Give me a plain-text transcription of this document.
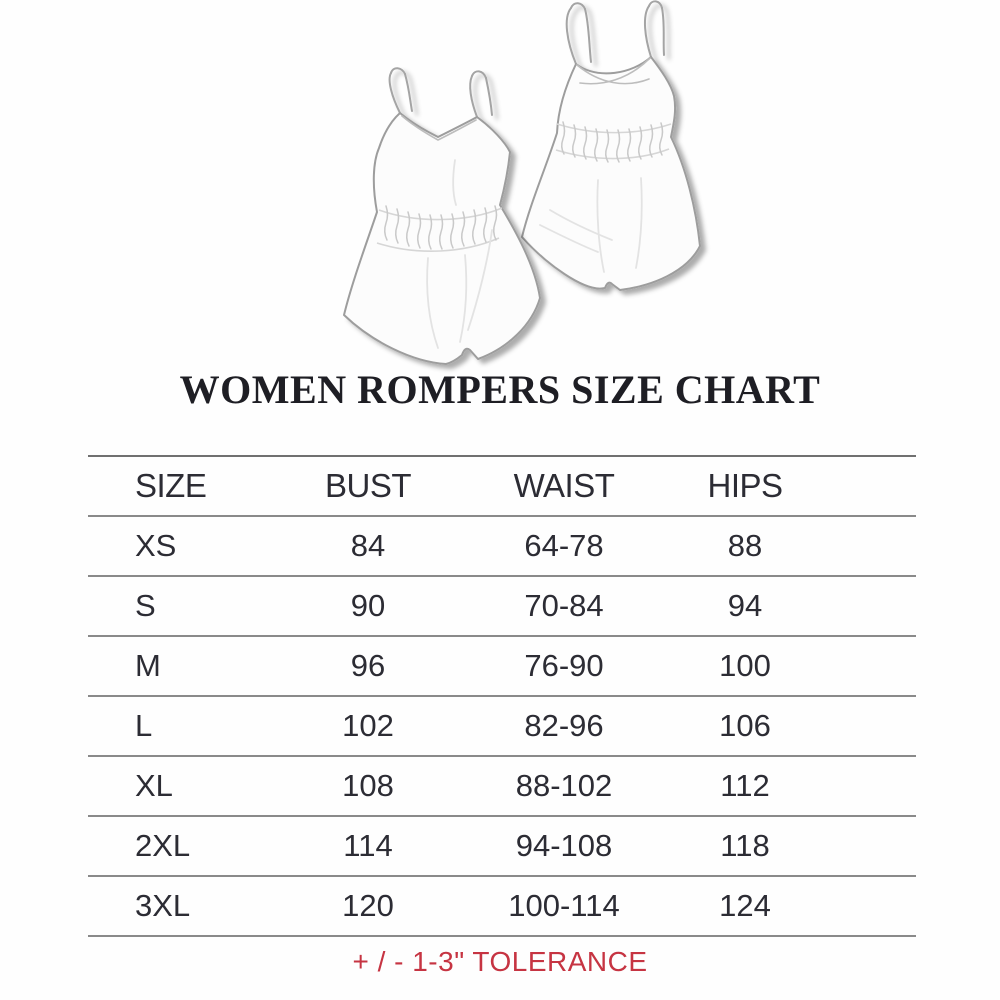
WOMEN ROMPERS SIZE CHART
SIZE	BUST	WAIST	HIPS
XS	84	64-78	88
S	90	70-84	94
M	96	76-90	100
L	102	82-96	106
XL	108	88-102	112
2XL	114	94-108	118
3XL	120	100-114	124
+ / - 1-3" TOLERANCE
